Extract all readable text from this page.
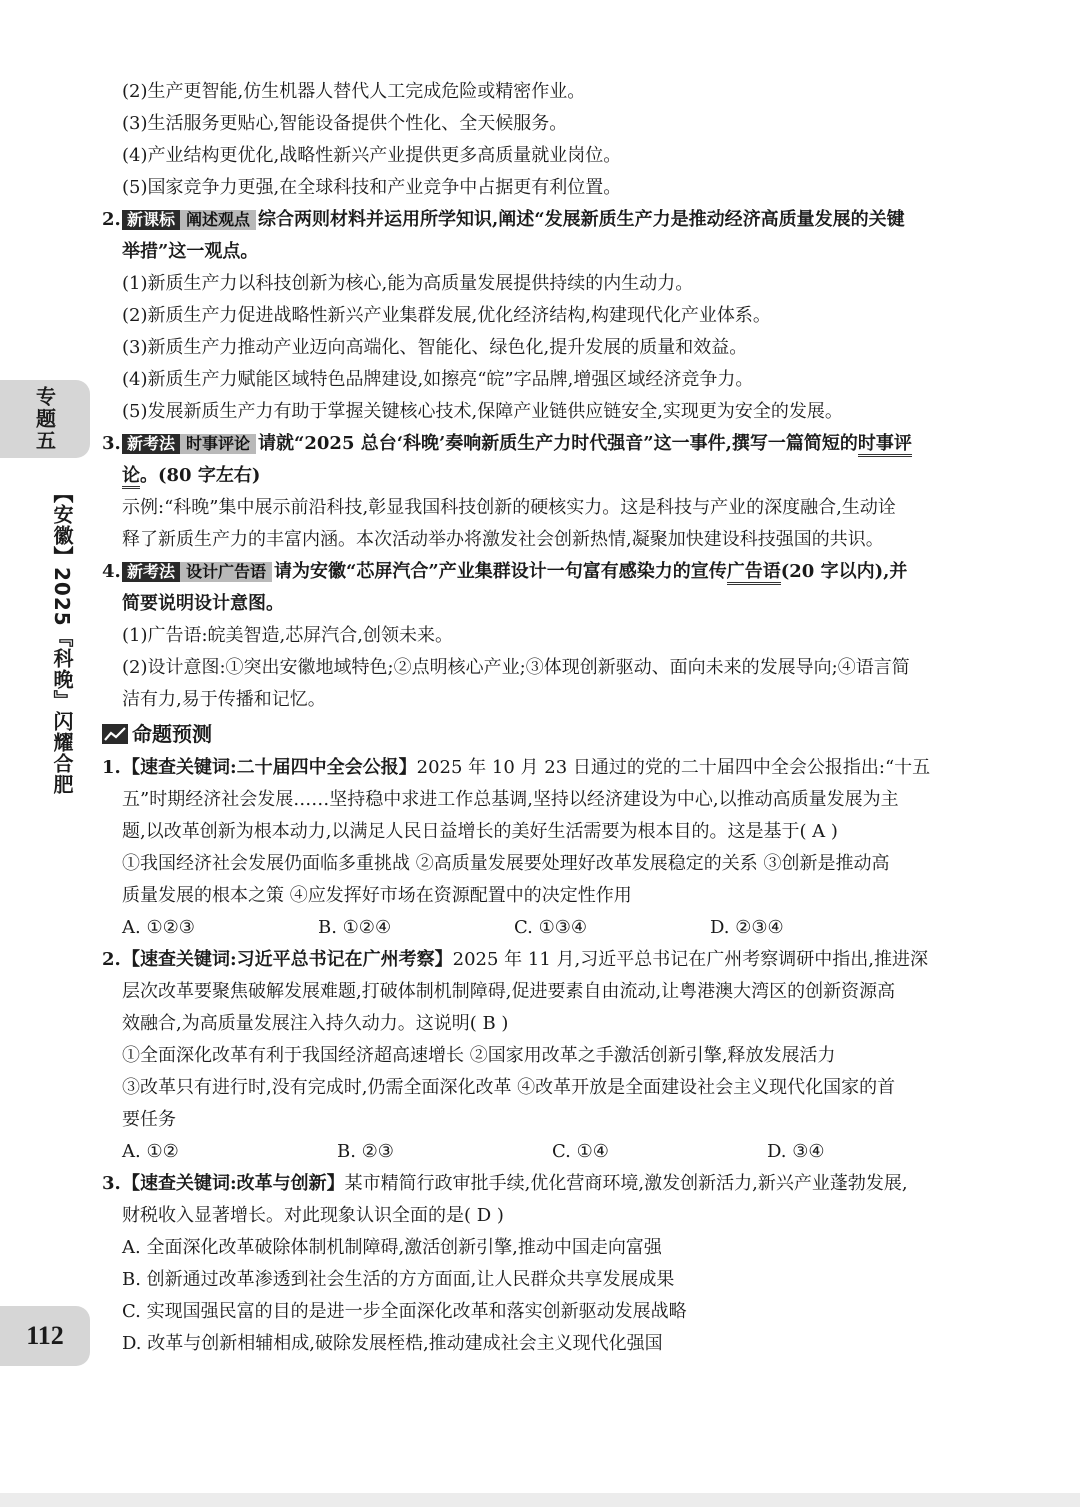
专题五
【安徽】2025『科晚』闪耀合肥
112
(2)生产更智能,仿生机器人替代人工完成危险或精密作业。
(3)生活服务更贴心,智能设备提供个性化、全天候服务。
(4)产业结构更优化,战略性新兴产业提供更多高质量就业岗位。
(5)国家竞争力更强,在全球科技和产业竞争中占据更有利位置。
2. 新课标 阐述观点 综合两则材料并运用所学知识,阐述“发展新质生产力是推动经济高质量发展的关键
举措”这一观点。
(1)新质生产力以科技创新为核心,能为高质量发展提供持续的内生动力。
(2)新质生产力促进战略性新兴产业集群发展,优化经济结构,构建现代化产业体系。
(3)新质生产力推动产业迈向高端化、智能化、绿色化,提升发展的质量和效益。
(4)新质生产力赋能区域特色品牌建设,如擦亮“皖”字品牌,增强区域经济竞争力。
(5)发展新质生产力有助于掌握关键核心技术,保障产业链供应链安全,实现更为安全的发展。
3. 新考法 时事评论 请就“2025 总台‘科晚’奏响新质生产力时代强音”这一事件,撰写一篇简短的时事评
论。(80 字左右)
示例:“科晚”集中展示前沿科技,彰显我国科技创新的硬核实力。这是科技与产业的深度融合,生动诠
释了新质生产力的丰富内涵。本次活动举办将激发社会创新热情,凝聚加快建设科技强国的共识。
4. 新考法 设计广告语 请为安徽“芯屏汽合”产业集群设计一句富有感染力的宣传广告语(20 字以内),并
简要说明设计意图。
(1)广告语:皖美智造,芯屏汽合,创领未来。
(2)设计意图:①突出安徽地域特色;②点明核心产业;③体现创新驱动、面向未来的发展导向;④语言简
洁有力,易于传播和记忆。
命题预测
1.【速查关键词:二十届四中全会公报】2025 年 10 月 23 日通过的党的二十届四中全会公报指出:“十五
五”时期经济社会发展……坚持稳中求进工作总基调,坚持以经济建设为中心,以推动高质量发展为主
题,以改革创新为根本动力,以满足人民日益增长的美好生活需要为根本目的。这是基于( A )
①我国经济社会发展仍面临多重挑战 ②高质量发展要处理好改革发展稳定的关系 ③创新是推动高
质量发展的根本之策 ④应发挥好市场在资源配置中的决定性作用
A. ①②③	B. ①②④	C. ①③④	D. ②③④
2.【速查关键词:习近平总书记在广州考察】2025 年 11 月,习近平总书记在广州考察调研中指出,推进深
层次改革要聚焦破解发展难题,打破体制机制障碍,促进要素自由流动,让粤港澳大湾区的创新资源高
效融合,为高质量发展注入持久动力。这说明( B )
①全面深化改革有利于我国经济超高速增长 ②国家用改革之手激活创新引擎,释放发展活力
③改革只有进行时,没有完成时,仍需全面深化改革 ④改革开放是全面建设社会主义现代化国家的首
要任务
A. ①②	B. ②③	C. ①④	D. ③④
3.【速查关键词:改革与创新】某市精简行政审批手续,优化营商环境,激发创新活力,新兴产业蓬勃发展,
财税收入显著增长。对此现象认识全面的是( D )
A. 全面深化改革破除体制机制障碍,激活创新引擎,推动中国走向富强
B. 创新通过改革渗透到社会生活的方方面面,让人民群众共享发展成果
C. 实现国强民富的目的是进一步全面深化改革和落实创新驱动发展战略
D. 改革与创新相辅相成,破除发展桎梏,推动建成社会主义现代化强国
